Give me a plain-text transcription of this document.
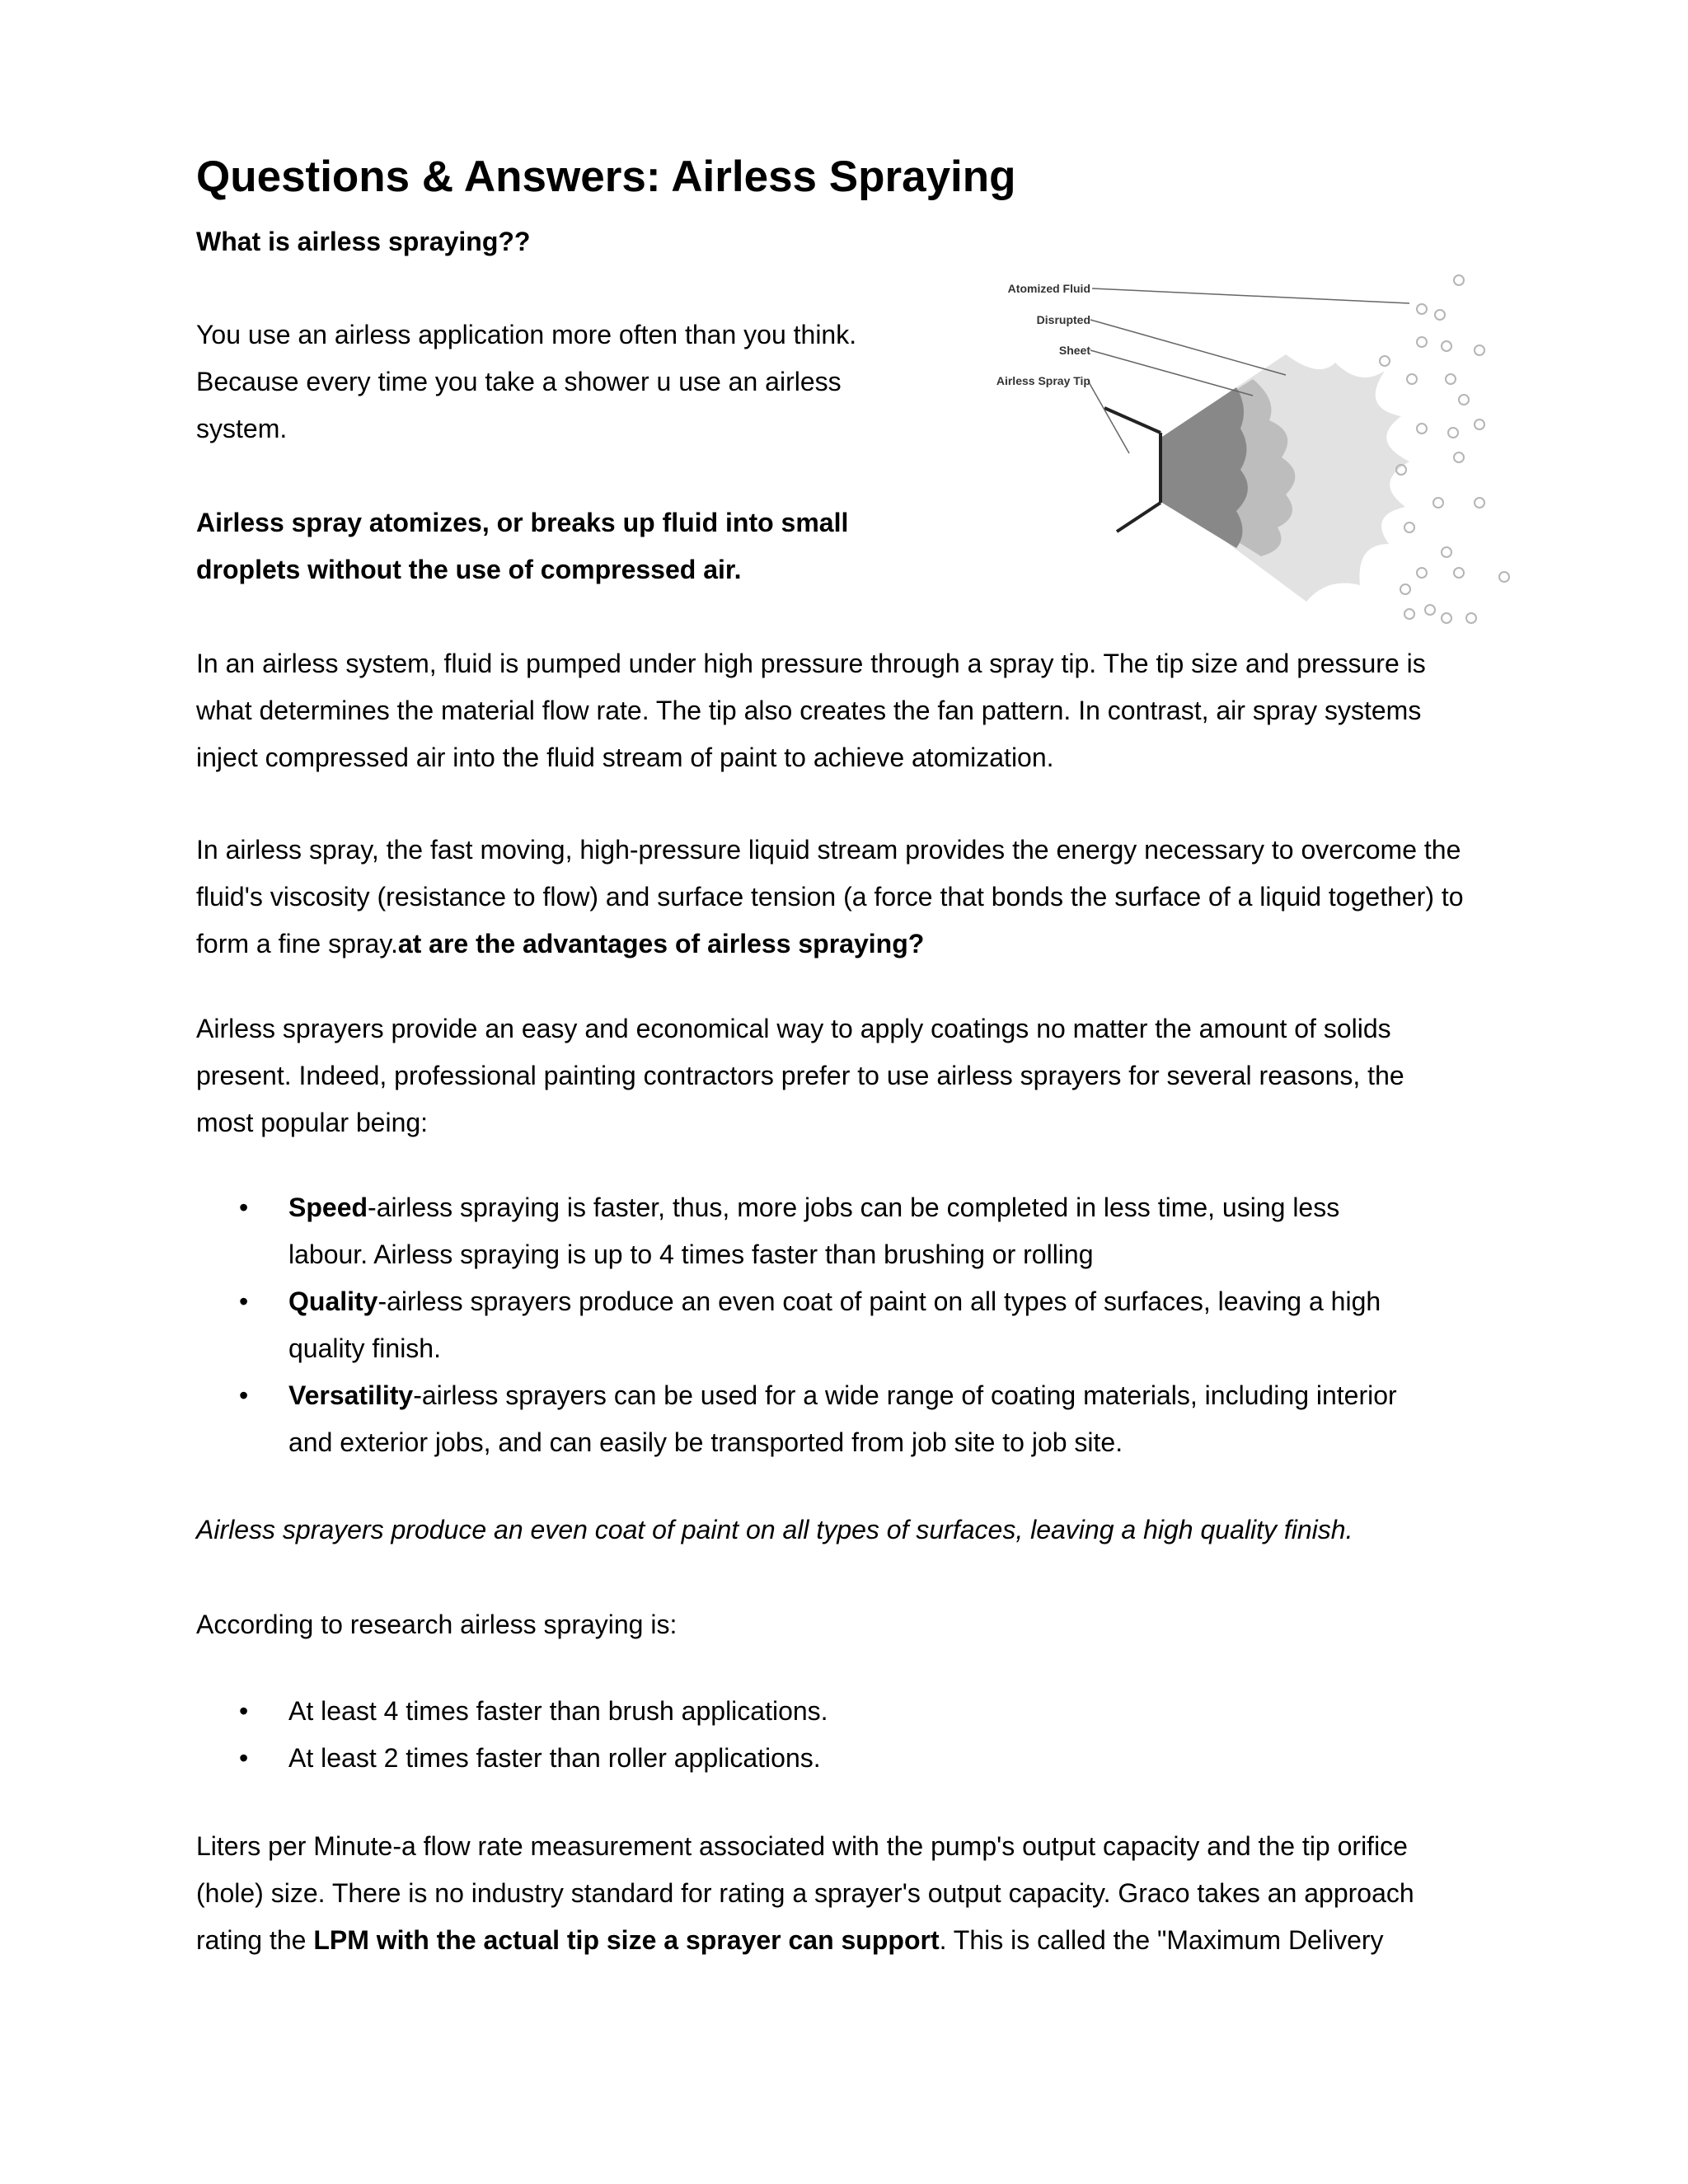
Questions & Answers: Airless Spraying
What is airless spraying??
You use an airless application more often than you think.
Because every time you take a shower u use an airless
system.
Airless spray atomizes, or breaks up fluid into small
droplets without the use of compressed air.
Atomized Fluid
Disrupted
Sheet
Airless Spray Tip
In an airless system, fluid is pumped under high pressure through a spray tip. The tip size and pressure is
what determines the material flow rate. The tip also creates the fan pattern. In contrast, air spray systems
inject compressed air into the fluid stream of paint to achieve atomization.
In airless spray, the fast moving, high-pressure liquid stream provides the energy necessary to overcome the
fluid's viscosity (resistance to flow) and surface tension (a force that bonds the surface of a liquid together) to
form a fine spray.at are the advantages of airless spraying?
Airless sprayers provide an easy and economical way to apply coatings no matter the amount of solids
present. Indeed, professional painting contractors prefer to use airless sprayers for several reasons, the
most popular being:
• Speed-airless spraying is faster, thus, more jobs can be completed in less time, using less
labour. Airless spraying is up to 4 times faster than brushing or rolling
• Quality-airless sprayers produce an even coat of paint on all types of surfaces, leaving a high
quality finish.
• Versatility-airless sprayers can be used for a wide range of coating materials, including interior
and exterior jobs, and can easily be transported from job site to job site.
Airless sprayers produce an even coat of paint on all types of surfaces, leaving a high quality finish.
According to research airless spraying is:
• At least 4 times faster than brush applications.
• At least 2 times faster than roller applications.
Liters per Minute-a flow rate measurement associated with the pump's output capacity and the tip orifice
(hole) size. There is no industry standard for rating a sprayer's output capacity. Graco takes an approach
rating the LPM with the actual tip size a sprayer can support. This is called the "Maximum Delivery
